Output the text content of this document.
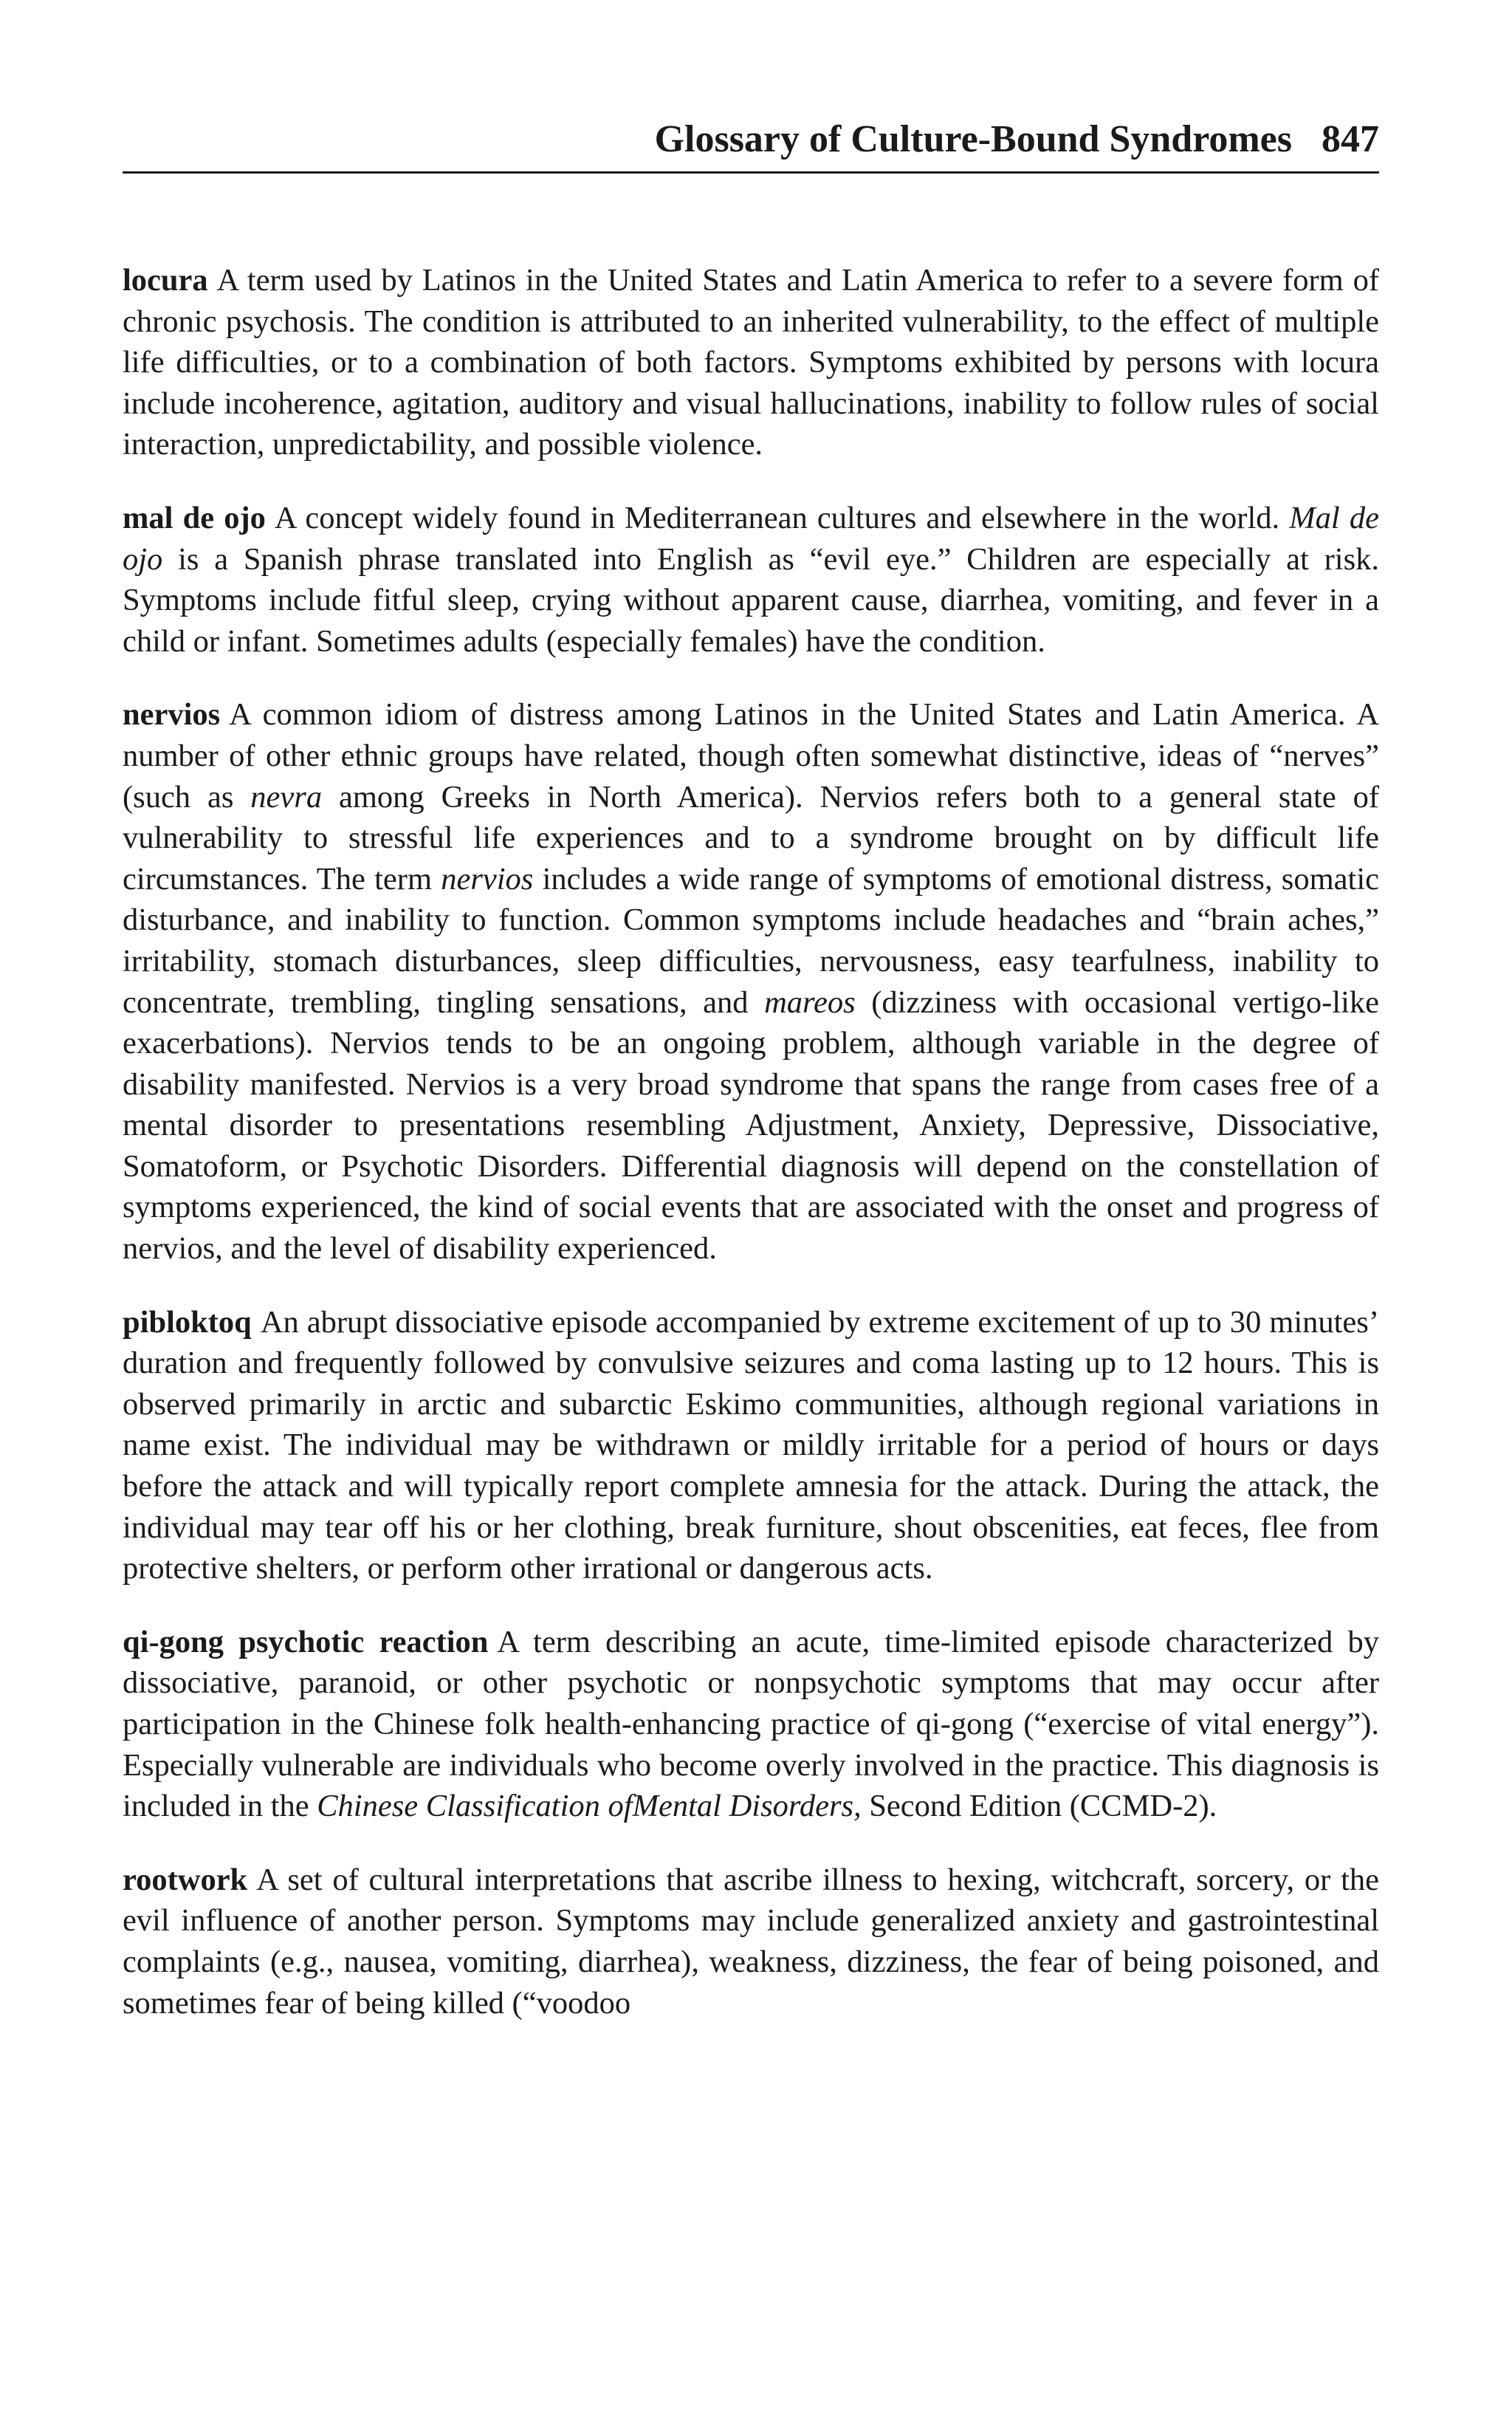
Glossary of Culture-Bound Syndromes 847

locura A term used by Latinos in the United States and Latin America to refer to a severe form of chronic psychosis. The condition is attributed to an inherited vulnerability, to the effect of multiple life difficulties, or to a combination of both factors. Symptoms exhibited by persons with locura include incoherence, agitation, auditory and visual hallucinations, inability to follow rules of social interaction, unpredictability, and possible violence.

mal de ojo A concept widely found in Mediterranean cultures and elsewhere in the world. Mal de ojo is a Spanish phrase translated into English as “evil eye.” Children are especially at risk. Symptoms include fitful sleep, crying without apparent cause, diarrhea, vomiting, and fever in a child or infant. Sometimes adults (especially females) have the condition.

nervios A common idiom of distress among Latinos in the United States and Latin America. A number of other ethnic groups have related, though often somewhat distinctive, ideas of “nerves” (such as nevra among Greeks in North America). Nervios refers both to a general state of vulnerability to stressful life experiences and to a syndrome brought on by difficult life circumstances. The term nervios includes a wide range of symptoms of emotional distress, somatic disturbance, and inability to function. Common symptoms include headaches and “brain aches,” irritability, stomach disturbances, sleep difficulties, nervousness, easy tearfulness, inability to concentrate, trembling, tingling sensations, and mareos (dizziness with occasional vertigo-like exacerbations). Nervios tends to be an ongoing problem, although variable in the degree of disability manifested. Nervios is a very broad syndrome that spans the range from cases free of a mental disorder to presentations resembling Adjustment, Anxiety, Depressive, Dissociative, Somatoform, or Psychotic Disorders. Differential diagnosis will depend on the constellation of symptoms experienced, the kind of social events that are associated with the onset and progress of nervios, and the level of disability experienced.

pibloktoq An abrupt dissociative episode accompanied by extreme excitement of up to 30 minutes’ duration and frequently followed by convulsive seizures and coma lasting up to 12 hours. This is observed primarily in arctic and subarctic Eskimo communities, although regional variations in name exist. The individual may be withdrawn or mildly irritable for a period of hours or days before the attack and will typically report complete amnesia for the attack. During the attack, the individual may tear off his or her clothing, break furniture, shout obscenities, eat feces, flee from protective shelters, or perform other irrational or dangerous acts.

qi-gong psychotic reaction A term describing an acute, time-limited episode characterized by dissociative, paranoid, or other psychotic or nonpsychotic symptoms that may occur after participation in the Chinese folk health-enhancing practice of qi-gong (“exercise of vital energy”). Especially vulnerable are individuals who become overly involved in the practice. This diagnosis is included in the Chinese Classification ofMental Disorders, Second Edition (CCMD-2).

rootwork A set of cultural interpretations that ascribe illness to hexing, witchcraft, sorcery, or the evil influence of another person. Symptoms may include generalized anxiety and gastrointestinal complaints (e.g., nausea, vomiting, diarrhea), weakness, dizziness, the fear of being poisoned, and sometimes fear of being killed (“voodoo
